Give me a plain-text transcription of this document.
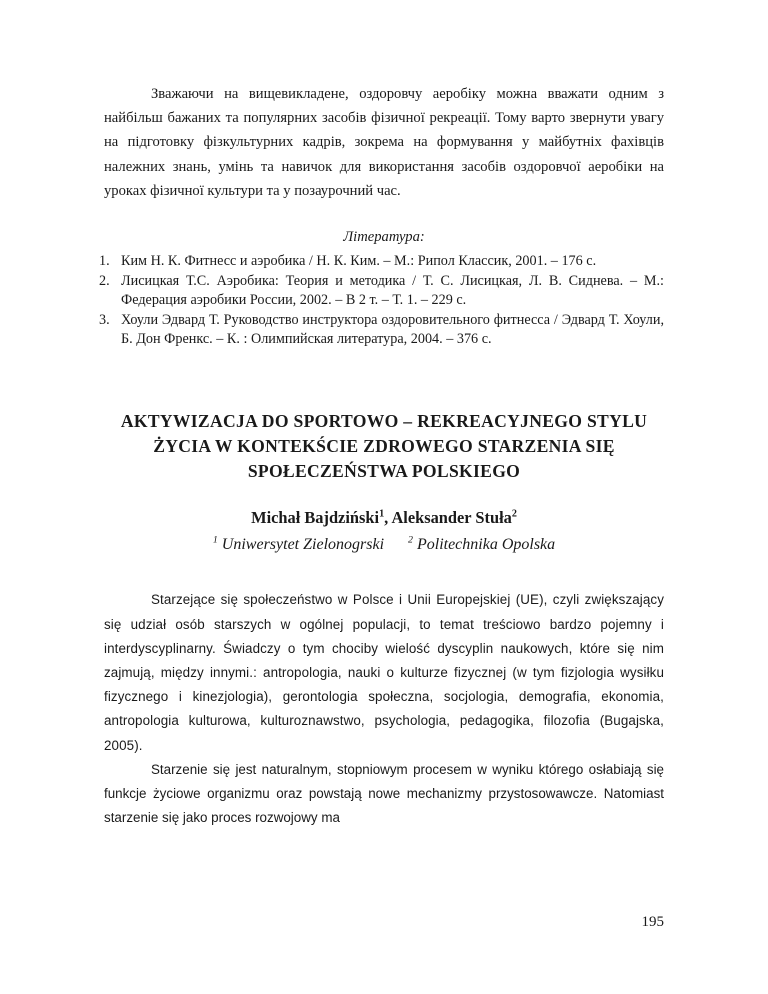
Зважаючи на вищевикладене, оздоровчу аеробіку можна вважати одним з найбільш бажаних та популярних засобів фізичної рекреації. Тому варто звернути увагу на підготовку фізкультурних кадрів, зокрема на формування у майбутніх фахівців належних знань, умінь та навичок для використання засобів оздоровчої аеробіки на уроках фізичної культури та у позаурочний час.

Література:
1. Ким Н. К. Фитнесс и аэробика / Н. К. Ким. – М.: Рипол Классик, 2001. – 176 с.
2. Лисицкая Т.С. Аэробика: Теория и методика / Т. С. Лисицкая, Л. В. Сиднева. – М.: Федерация аэробики России, 2002. – В 2 т. – Т. 1. – 229 с.
3. Хоули Эдвард Т. Руководство инструктора оздоровительного фитнесса / Эдвард Т. Хоули, Б. Дон Френкс. – К. : Олимпийская литература, 2004. – 376 с.
AKTYWIZACJA DO SPORTOWO – REKREACYJNEGO STYLU ŻYCIA W KONTEKŚCIE ZDROWEGO STARZENIA SIĘ SPOŁECZEŃSTWA POLSKIEGO
Michał Bajdziński$^1$, Aleksander Stuła$^2$
$^1$ Uniwersytet Zielonogrski $^2$ Politechnika Opolska

Starzejące się społeczeństwo w Polsce i Unii Europejskiej (UE), czyli zwiększający się udział osób starszych w ogólnej populacji, to temat treściowo bardzo pojemny i interdyscyplinarny. Świadczy o tym chociby wielość dyscyplin naukowych, które się nim zajmują, między innymi.: antropologia, nauki o kulturze fizycznej (w tym fizjologia wysiłku fizycznego i kinezjologia), gerontologia społeczna, socjologia, demografia, ekonomia, antropologia kulturowa, kulturoznawstwo, psychologia, pedagogika, filozofia (Bugajska, 2005).

Starzenie się jest naturalnym, stopniowym procesem w wyniku którego osłabiają się funkcje życiowe organizmu oraz powstają nowe mechanizmy przystosowawcze. Natomiast starzenie się jako proces rozwojowy ma

195
